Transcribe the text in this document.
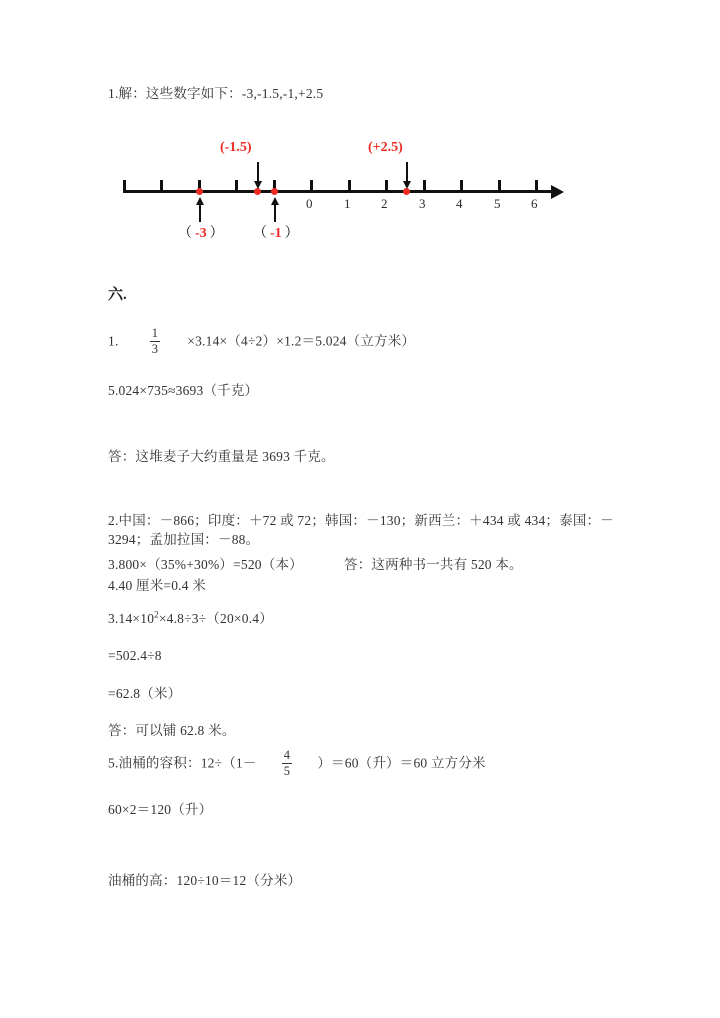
1.解：这些数字如下：-3,-1.5,-1,+2.5
0 1 2 3 4 5 6
(-1.5)	(+2.5)
（ -3 ） （ -1 ）
六.
1. $\frac{1}{3} \times 3.14\times(4\div 2)\times 1.2=5.024$（立方米）
5.024×735≈3693（千克）
答：这堆麦子大约重量是 3693 千克。
2.中国：－866；印度：＋72 或 72；韩国：－130；新西兰：＋434 或 434；泰国：－3294；孟加拉国：－88。
3.800×（35%+30%）=520（本）	答：这两种书一共有 520 本。
4.40 厘米=0.4 米
$3.14\times 10^2\times 4.8\div 3\div(20\times 0.4)$
=502.4÷8
=62.8（米）
答：可以铺 62.8 米。
5.油桶的容积：$12\div(1- \frac{4}{5} )=60$（升）＝60 立方分米
60×2＝120（升）
油桶的高：120÷10＝12（分米）
